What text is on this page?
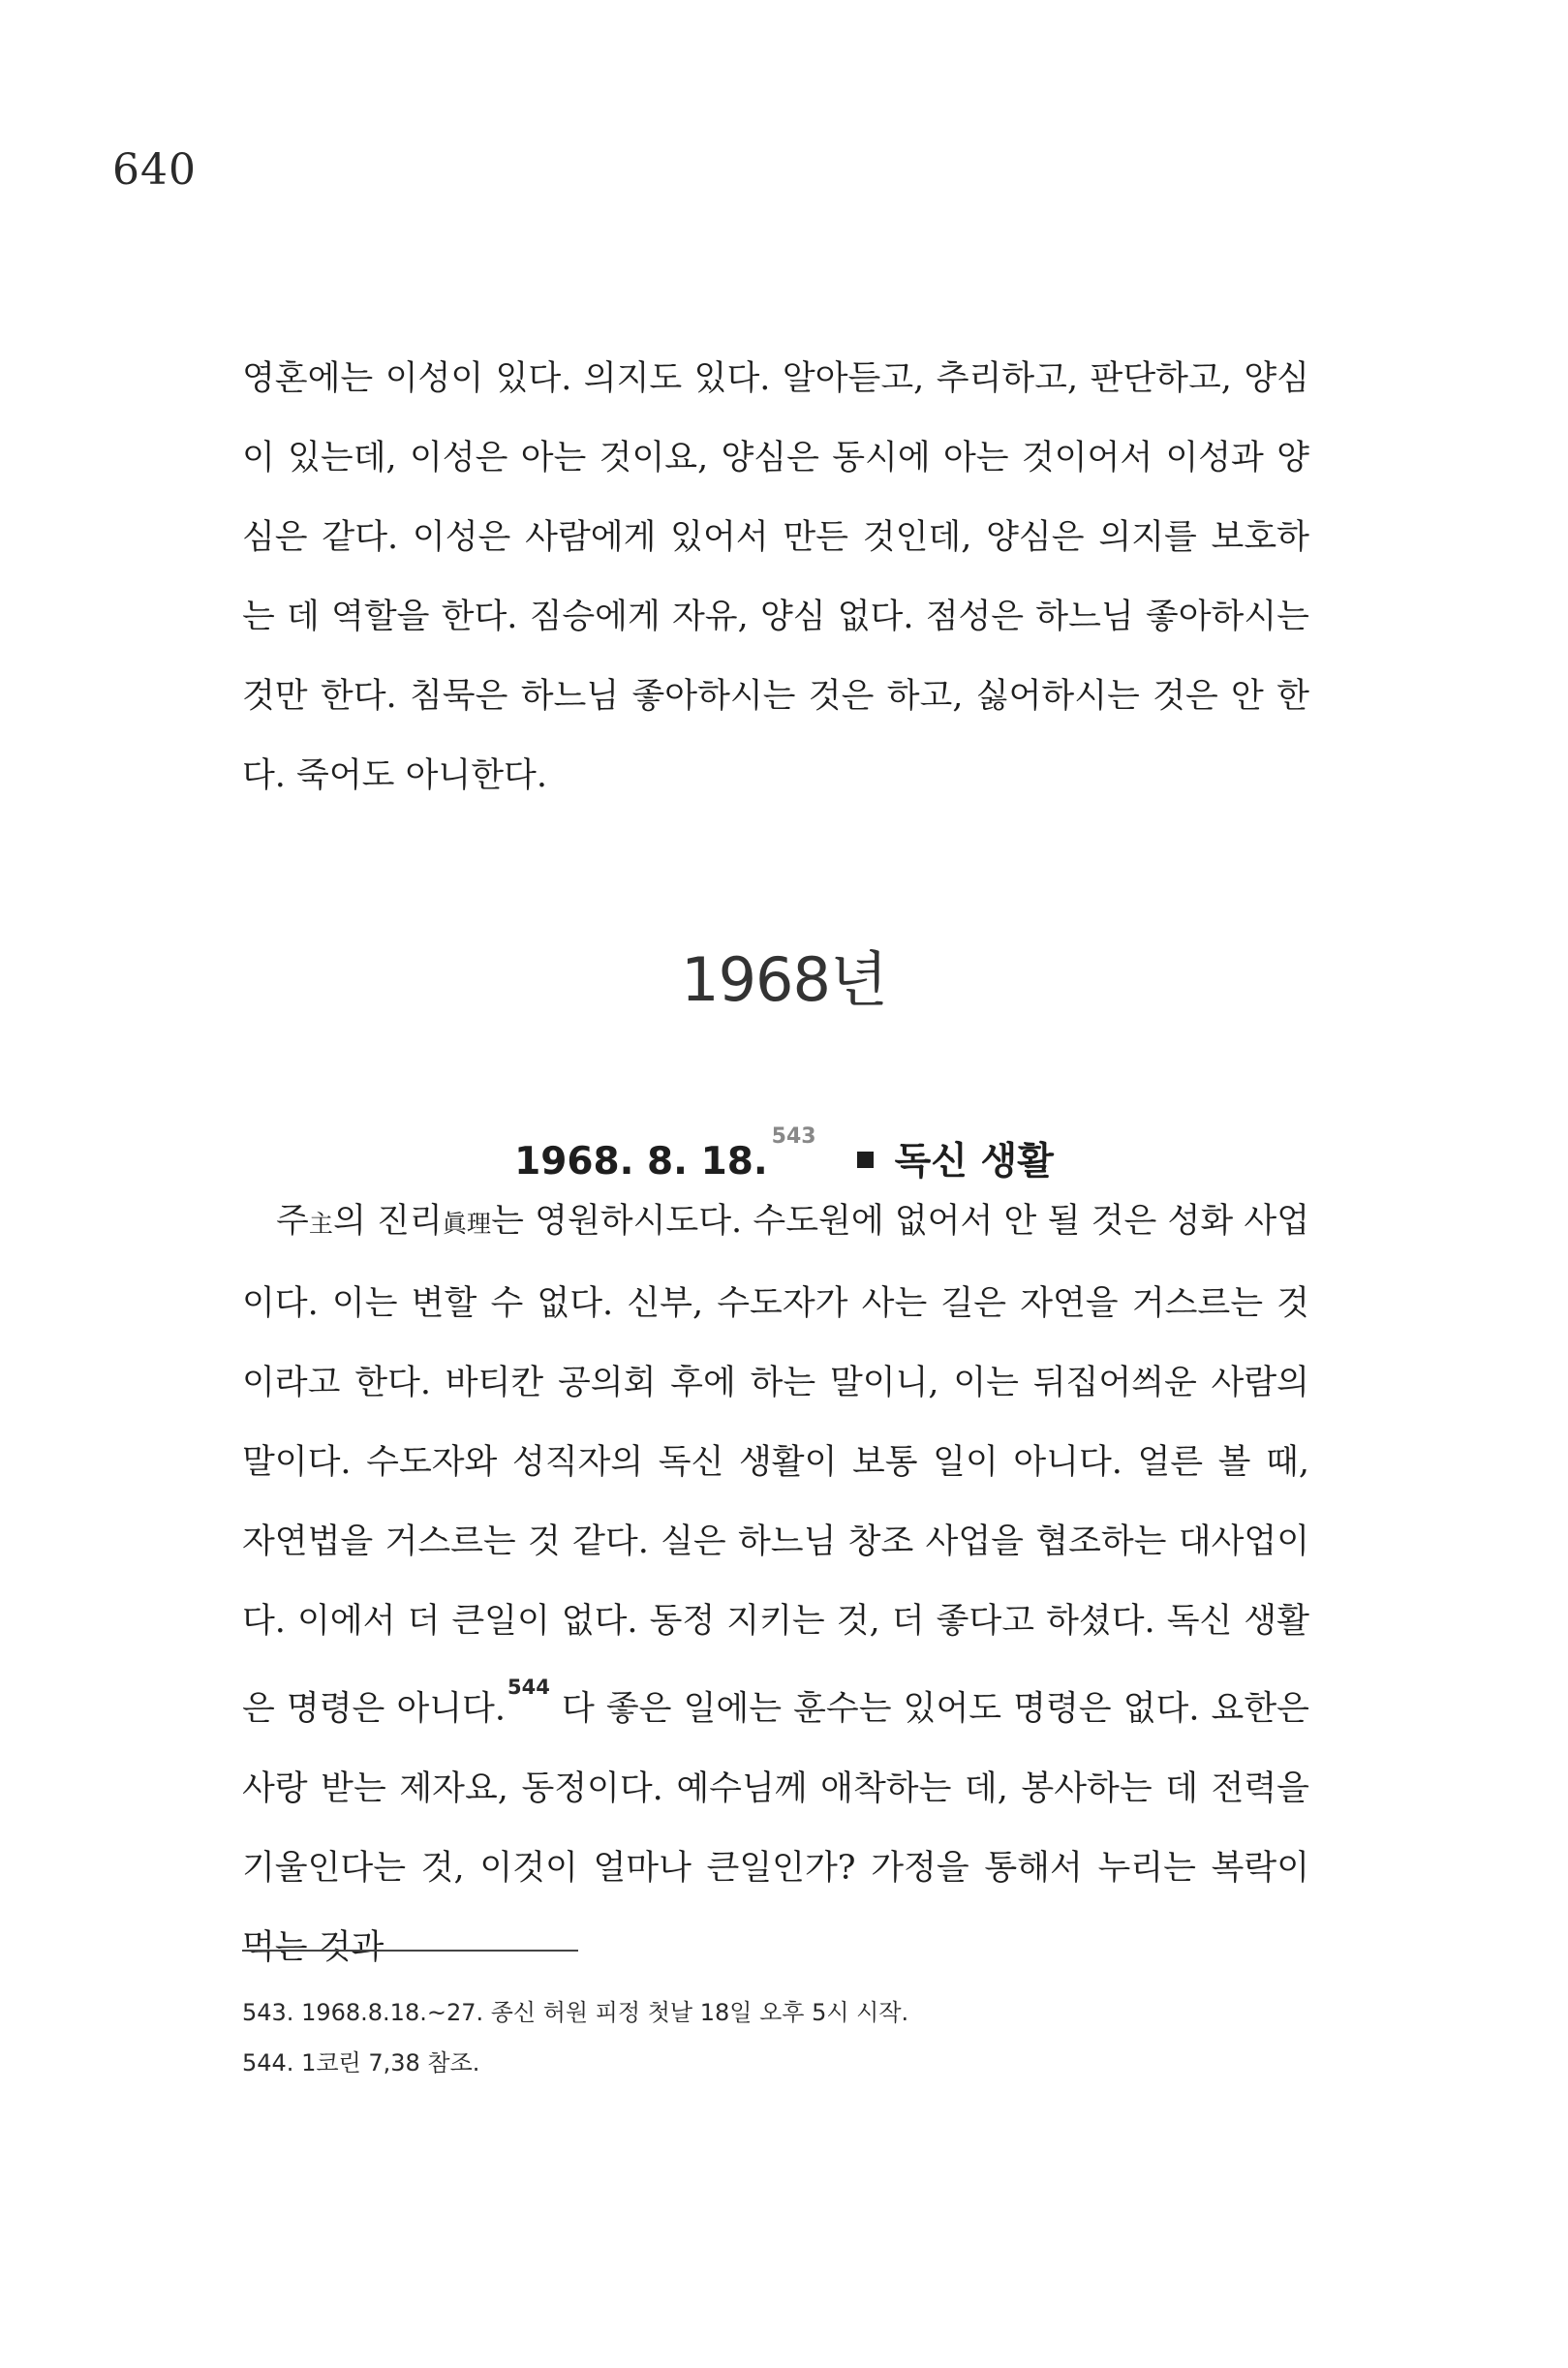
640

영혼에는 이성이 있다. 의지도 있다. 알아듣고, 추리하고, 판단하고, 양심이 있는데, 이성은 아는 것이요, 양심은 동시에 아는 것이어서 이성과 양심은 같다. 이성은 사람에게 있어서 만든 것인데, 양심은 의지를 보호하는 데 역할을 한다. 짐승에게 자유, 양심 없다. 점성은 하느님 좋아하시는 것만 한다. 침묵은 하느님 좋아하시는 것은 하고, 싫어하시는 것은 안 한다. 죽어도 아니한다.

1968년
1968. 8. 18.$^{543}$독신 생활

주主의 진리眞理는 영원하시도다. 수도원에 없어서 안 될 것은 성화 사업이다. 이는 변할 수 없다. 신부, 수도자가 사는 길은 자연을 거스르는 것이라고 한다. 바티칸 공의회 후에 하는 말이니, 이는 뒤집어씌운 사람의 말이다. 수도자와 성직자의 독신 생활이 보통 일이 아니다. 얼른 볼 때, 자연법을 거스르는 것 같다. 실은 하느님 창조 사업을 협조하는 대사업이다. 이에서 더 큰일이 없다. 동정 지키는 것, 더 좋다고 하셨다. 독신 생활은 명령은 아니다.$^{544}$ 다 좋은 일에는 훈수는 있어도 명령은 없다. 요한은 사랑 받는 제자요, 동정이다. 예수님께 애착하는 데, 봉사하는 데 전력을 기울인다는 것, 이것이 얼마나 큰일인가? 가정을 통해서 누리는 복락이 먹는 것과

543. 1968.8.18.~27. 종신 허원 피정 첫날 18일 오후 5시 시작.
544. 1코린 7,38 참조.
